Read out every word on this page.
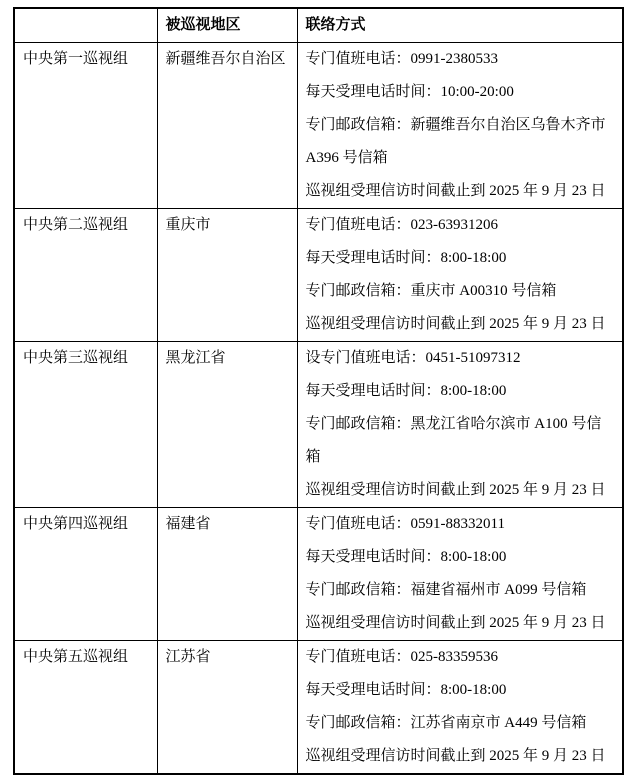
	被巡视地区	联络方式

中央第一巡视组	新疆维吾尔自治区	专门值班电话：0991-2380533
每天受理电话时间：10:00-20:00
专门邮政信箱：新疆维吾尔自治区乌鲁木齐市 A396 号信箱
巡视组受理信访时间截止到 2025 年 9 月 23 日

中央第二巡视组	重庆市	专门值班电话：023-63931206
每天受理电话时间：8:00-18:00
专门邮政信箱：重庆市 A00310 号信箱
巡视组受理信访时间截止到 2025 年 9 月 23 日

中央第三巡视组	黑龙江省	设专门值班电话：0451-51097312
每天受理电话时间：8:00-18:00
专门邮政信箱：黑龙江省哈尔滨市 A100 号信箱
巡视组受理信访时间截止到 2025 年 9 月 23 日

中央第四巡视组	福建省	专门值班电话：0591-88332011
每天受理电话时间：8:00-18:00
专门邮政信箱：福建省福州市 A099 号信箱
巡视组受理信访时间截止到 2025 年 9 月 23 日

中央第五巡视组	江苏省	专门值班电话：025-83359536
每天受理电话时间：8:00-18:00
专门邮政信箱：江苏省南京市 A449 号信箱
巡视组受理信访时间截止到 2025 年 9 月 23 日
